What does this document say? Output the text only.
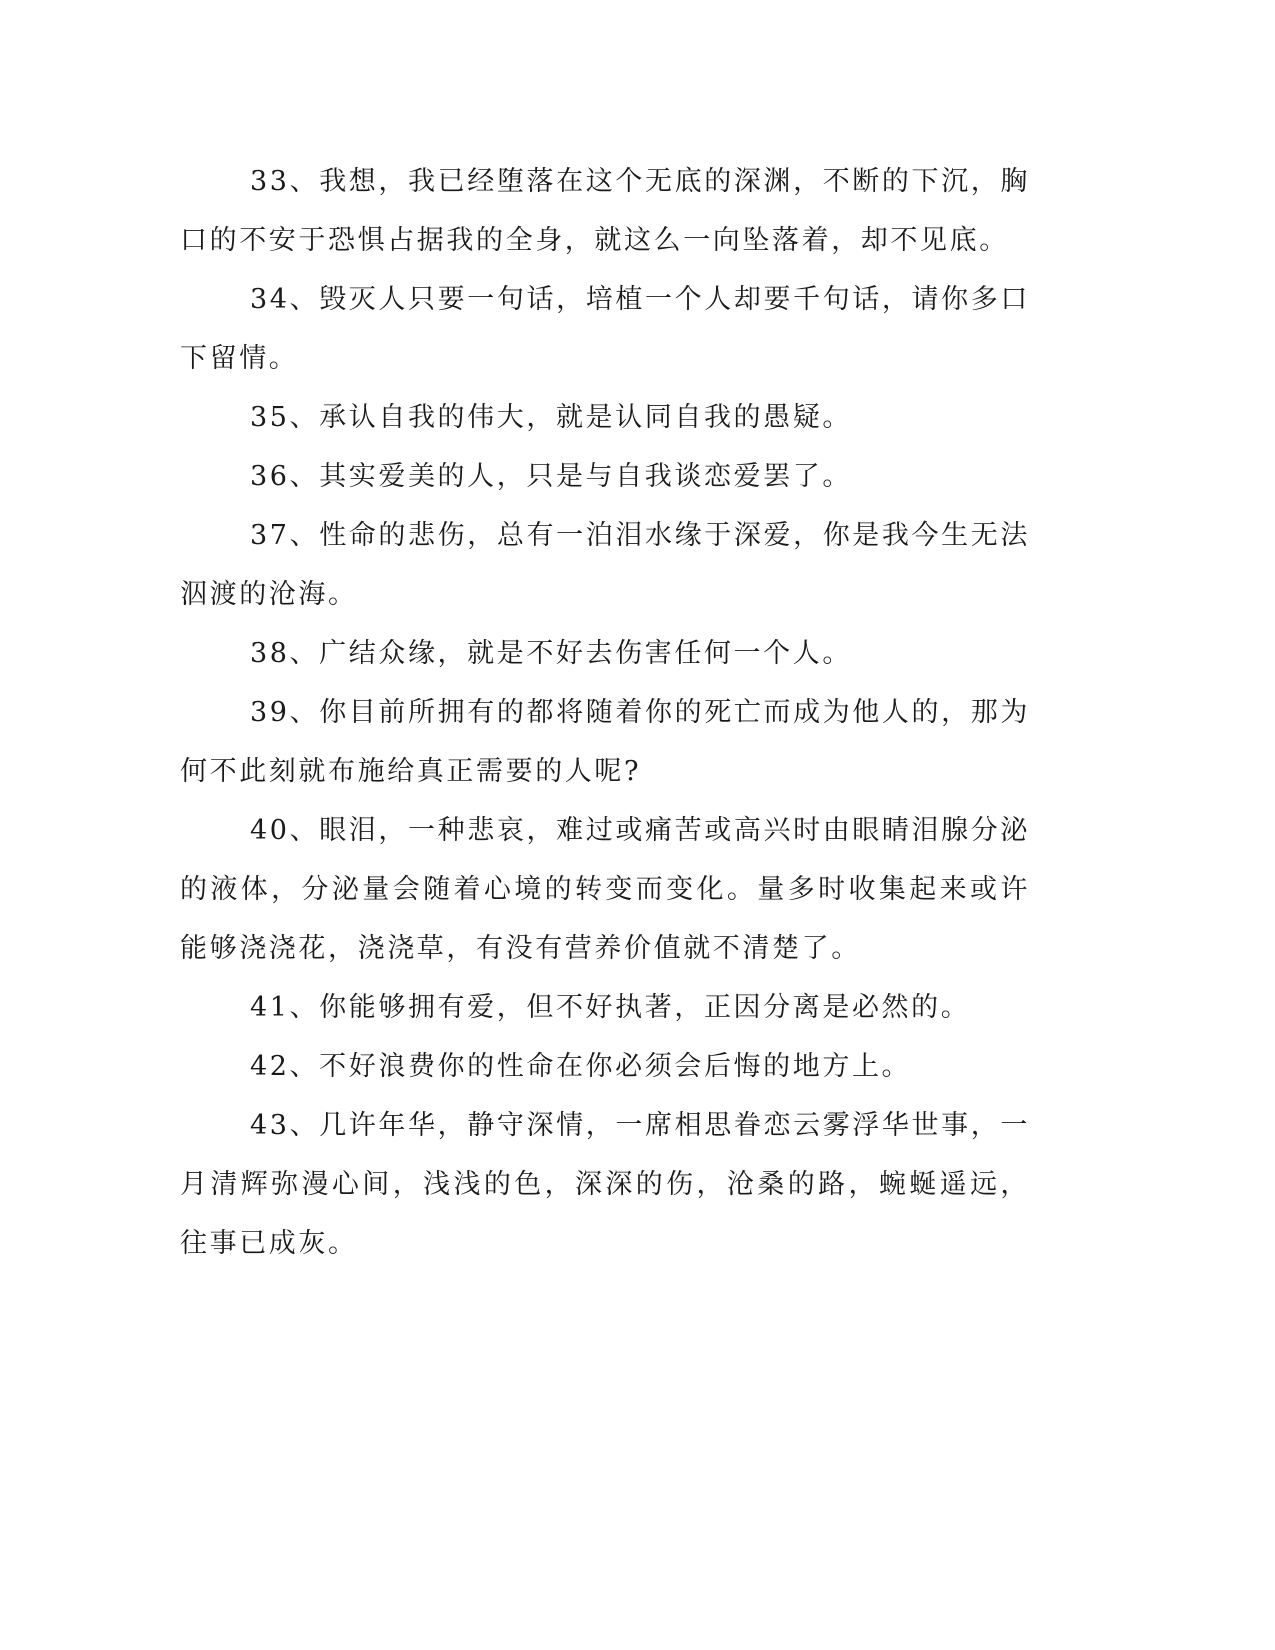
33、我想，我已经堕落在这个无底的深渊，不断的下沉，胸口的不安于恐惧占据我的全身，就这么一向坠落着，却不见底。

34、毁灭人只要一句话，培植一个人却要千句话，请你多口下留情。

35、承认自我的伟大，就是认同自我的愚疑。

36、其实爱美的人，只是与自我谈恋爱罢了。

37、性命的悲伤，总有一泊泪水缘于深爱，你是我今生无法泅渡的沧海。

38、广结众缘，就是不好去伤害任何一个人。

39、你目前所拥有的都将随着你的死亡而成为他人的，那为何不此刻就布施给真正需要的人呢?

40、眼泪，一种悲哀，难过或痛苦或高兴时由眼睛泪腺分泌的液体，分泌量会随着心境的转变而变化。量多时收集起来或许能够浇浇花，浇浇草，有没有营养价值就不清楚了。

41、你能够拥有爱，但不好执著，正因分离是必然的。

42、不好浪费你的性命在你必须会后悔的地方上。

43、几许年华，静守深情，一席相思眷恋云雾浮华世事，一月清辉弥漫心间，浅浅的色，深深的伤，沧桑的路，蜿蜒遥远，往事已成灰。
